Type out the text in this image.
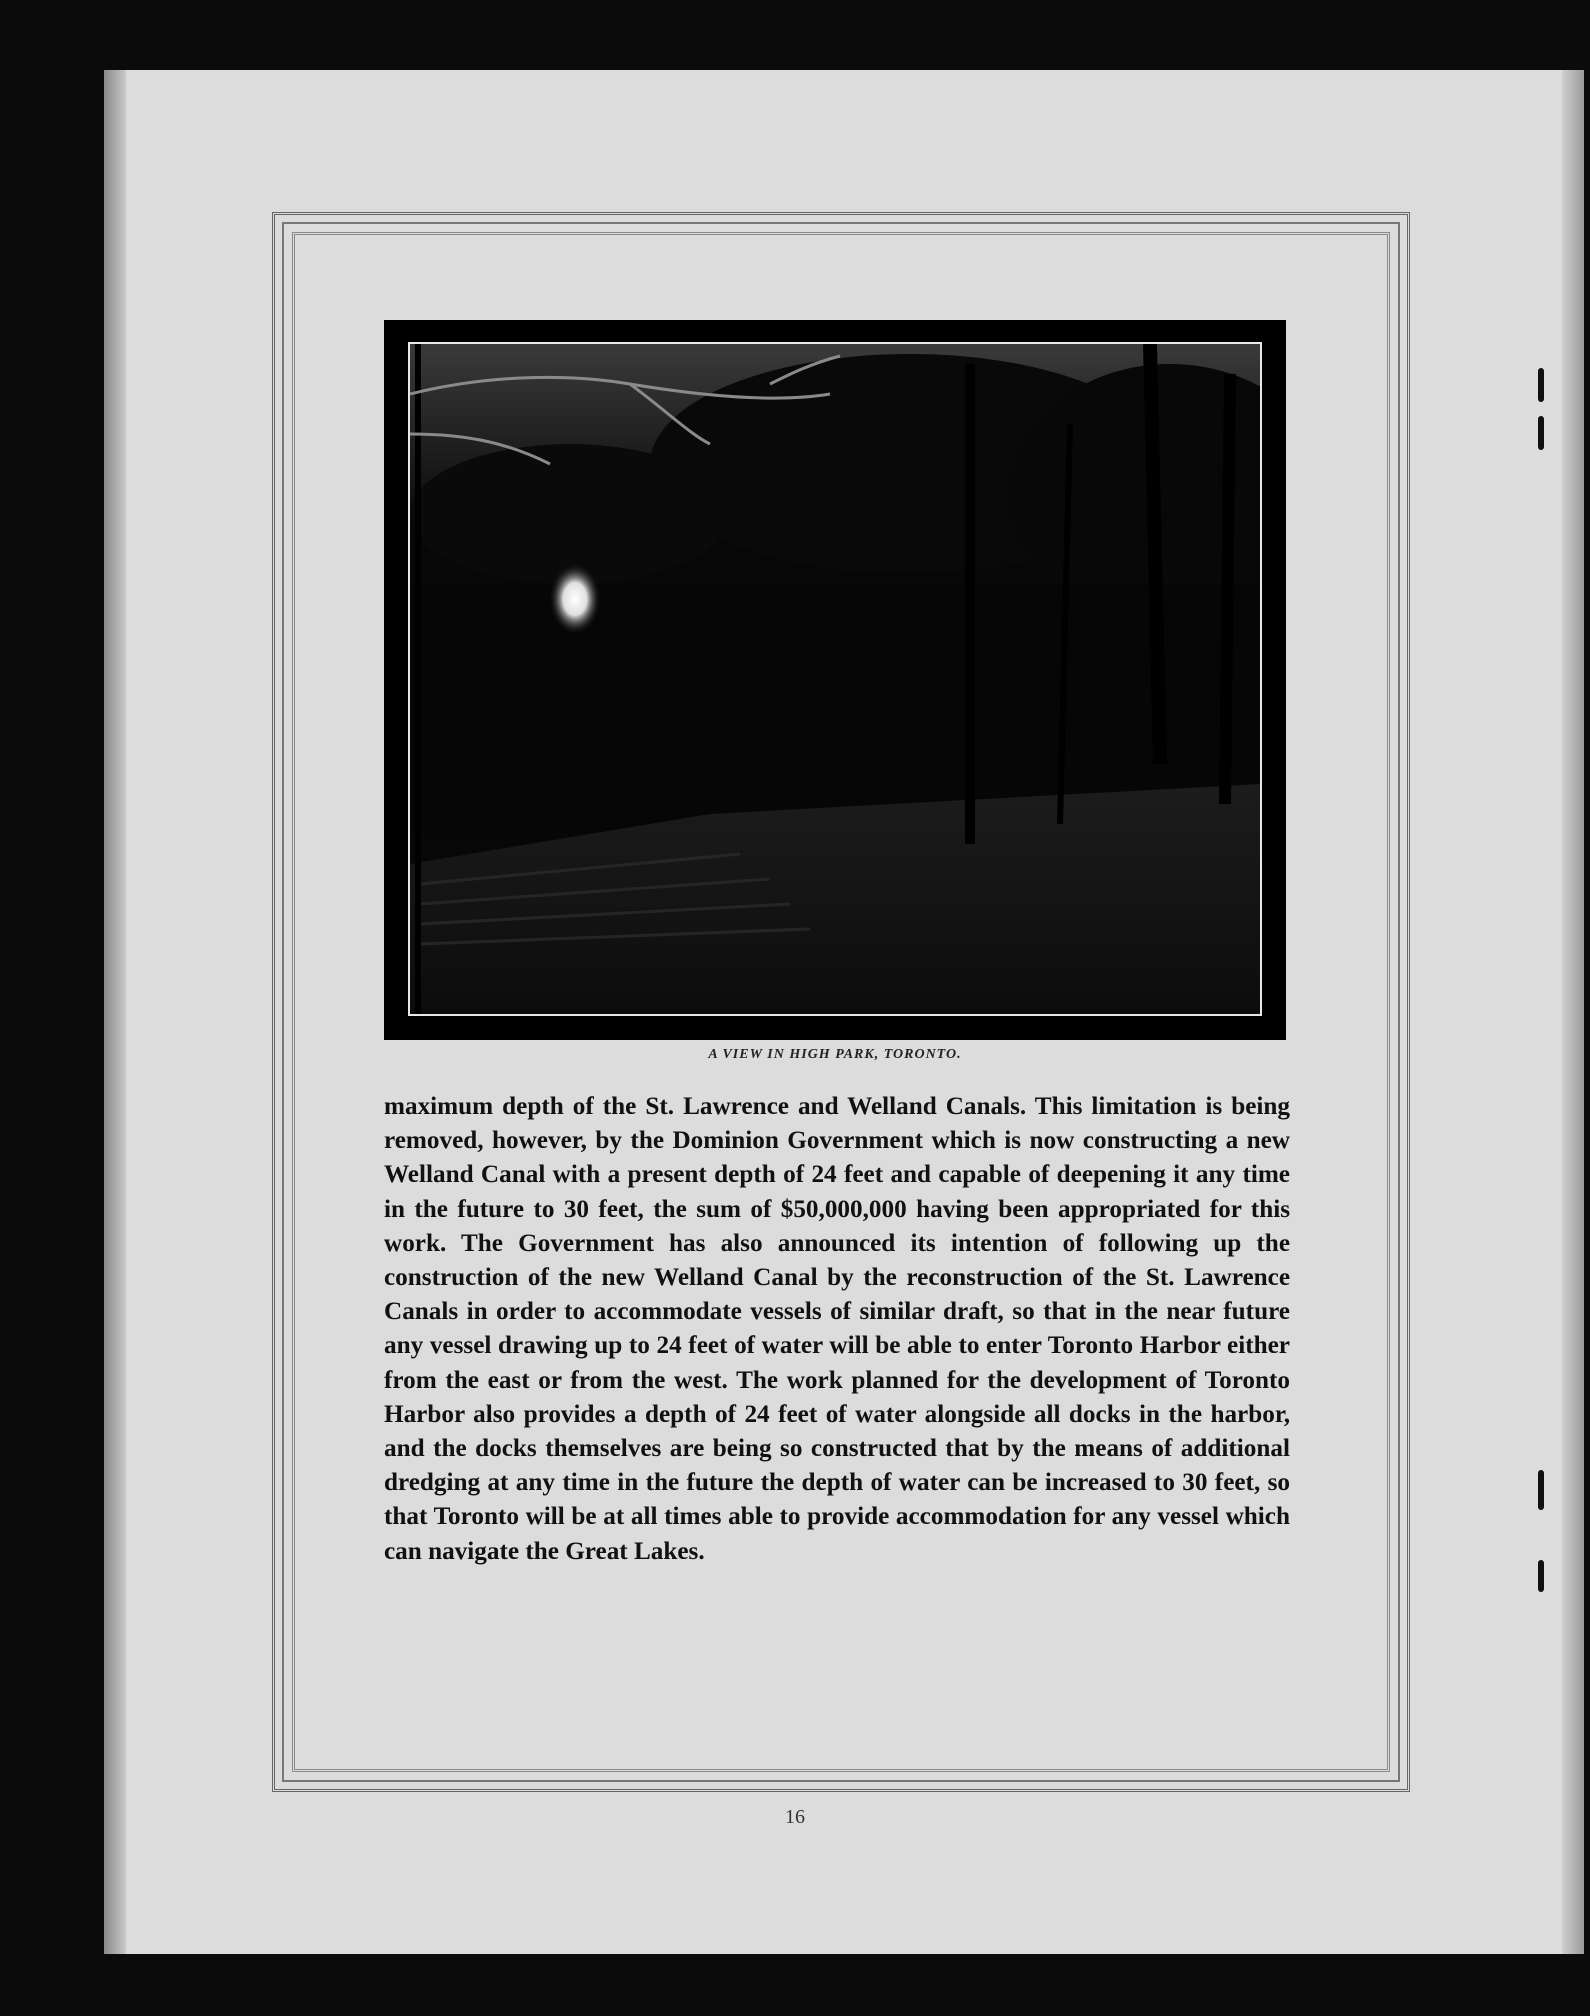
A VIEW IN HIGH PARK, TORONTO.

maximum depth of the St. Lawrence and Welland Canals. This limitation is being removed, however, by the Dominion Government which is now constructing a new Welland Canal with a present depth of 24 feet and capable of deepening it any time in the future to 30 feet, the sum of $50,000,000 having been appropriated for this work. The Government has also announced its intention of following up the construction of the new Welland Canal by the reconstruction of the St. Lawrence Canals in order to accommodate vessels of similar draft, so that in the near future any vessel drawing up to 24 feet of water will be able to enter Toronto Harbor either from the east or from the west. The work planned for the development of Toronto Harbor also provides a depth of 24 feet of water alongside all docks in the harbor, and the docks themselves are being so constructed that by the means of additional dredging at any time in the future the depth of water can be increased to 30 feet, so that Toronto will be at all times able to provide accommodation for any vessel which can navigate the Great Lakes.

16
